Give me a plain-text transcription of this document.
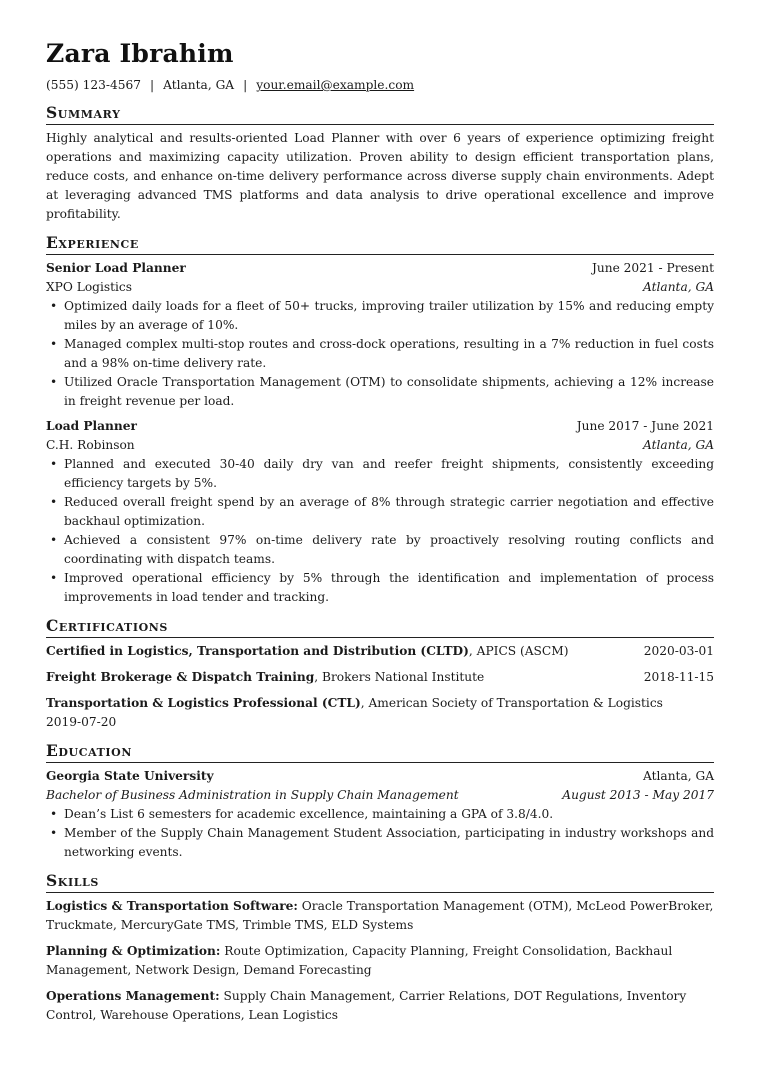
Zara Ibrahim
(555) 123-4567 | Atlanta, GA | your.email@example.com
Summary
Highly analytical and results-oriented Load Planner with over 6 years of experience optimizing freight operations and maximizing capacity utilization. Proven ability to design efficient transportation plans, reduce costs, and enhance on-time delivery performance across diverse supply chain environments. Adept at leveraging advanced TMS platforms and data analysis to drive operational excellence and improve profitability.
Experience
Senior Load Planner	June 2021 - Present
XPO Logistics	Atlanta, GA
• Optimized daily loads for a fleet of 50+ trucks, improving trailer utilization by 15% and reducing empty miles by an average of 10%.
• Managed complex multi-stop routes and cross-dock operations, resulting in a 7% reduction in fuel costs and a 98% on-time delivery rate.
• Utilized Oracle Transportation Management (OTM) to consolidate shipments, achieving a 12% increase in freight revenue per load.
Load Planner	June 2017 - June 2021
C.H. Robinson	Atlanta, GA
• Planned and executed 30-40 daily dry van and reefer freight shipments, consistently exceeding efficiency targets by 5%.
• Reduced overall freight spend by an average of 8% through strategic carrier negotiation and effective backhaul optimization.
• Achieved a consistent 97% on-time delivery rate by proactively resolving routing conflicts and coordinating with dispatch teams.
• Improved operational efficiency by 5% through the identification and implementation of process improvements in load tender and tracking.
Certifications
Certified in Logistics, Transportation and Distribution (CLTD), APICS (ASCM)	2020-03-01
Freight Brokerage & Dispatch Training, Brokers National Institute	2018-11-15
Transportation & Logistics Professional (CTL), American Society of Transportation & Logistics
2019-07-20
Education
Georgia State University	Atlanta, GA
Bachelor of Business Administration in Supply Chain Management	August 2013 - May 2017
• Dean’s List 6 semesters for academic excellence, maintaining a GPA of 3.8/4.0.
• Member of the Supply Chain Management Student Association, participating in industry workshops and networking events.
Skills
Logistics & Transportation Software: Oracle Transportation Management (OTM), McLeod PowerBroker, Truckmate, MercuryGate TMS, Trimble TMS, ELD Systems
Planning & Optimization: Route Optimization, Capacity Planning, Freight Consolidation, Backhaul Management, Network Design, Demand Forecasting
Operations Management: Supply Chain Management, Carrier Relations, DOT Regulations, Inventory Control, Warehouse Operations, Lean Logistics
